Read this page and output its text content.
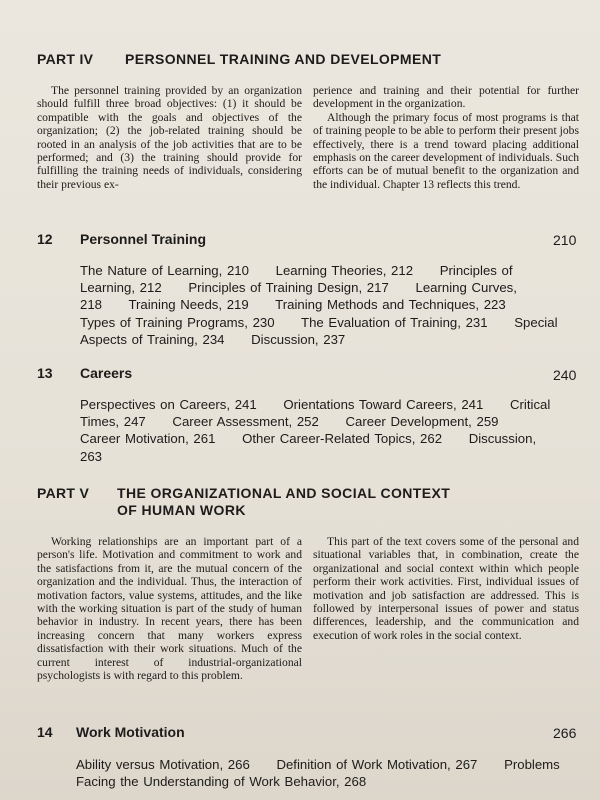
PART IV PERSONNEL TRAINING AND DEVELOPMENT

The personnel training provided by an organization should fulfill three broad objectives: (1) it should be compatible with the goals and objectives of the organization; (2) the job-related training should be rooted in an analysis of the job activities that are to be performed; and (3) the training should provide for fulfilling the training needs of individuals, considering their previous ex-

perience and training and their potential for further development in the organization.

Although the primary focus of most programs is that of training people to be able to perform their present jobs effectively, there is a trend toward placing additional emphasis on the career development of individuals. Such efforts can be of mutual benefit to the organization and the individual. Chapter 13 reflects this trend.

12 Personnel Training	210
The Nature of Learning, 210 Learning Theories, 212 Principles of Learning, 212 Principles of Training Design, 217 Learning Curves, 218 Training Needs, 219 Training Methods and Techniques, 223 Types of Training Programs, 230 The Evaluation of Training, 231 Special Aspects of Training, 234 Discussion, 237
13 Careers	240
Perspectives on Careers, 241 Orientations Toward Careers, 241 Critical Times, 247 Career Assessment, 252 Career Development, 259 Career Motivation, 261 Other Career-Related Topics, 262 Discussion, 263
PART V THE ORGANIZATIONAL AND SOCIAL CONTEXT
OF HUMAN WORK

Working relationships are an important part of a person's life. Motivation and commitment to work and the satisfactions from it, are the mutual concern of the organization and the individual. Thus, the interaction of motivation factors, value systems, attitudes, and the like with the working situation is part of the study of human behavior in industry. In recent years, there has been increasing concern that many workers express dissatisfaction with their work situations. Much of the current interest of industrial-organizational psychologists is with regard to this problem.

This part of the text covers some of the personal and situational variables that, in combination, create the organizational and social context within which people perform their work activities. First, individual issues of motivation and job satisfaction are addressed. This is followed by interpersonal issues of power and status differences, leadership, and the communication and execution of work roles in the social context.

14 Work Motivation	266
Ability versus Motivation, 266 Definition of Work Motivation, 267 Problems Facing the Understanding of Work Behavior, 268
